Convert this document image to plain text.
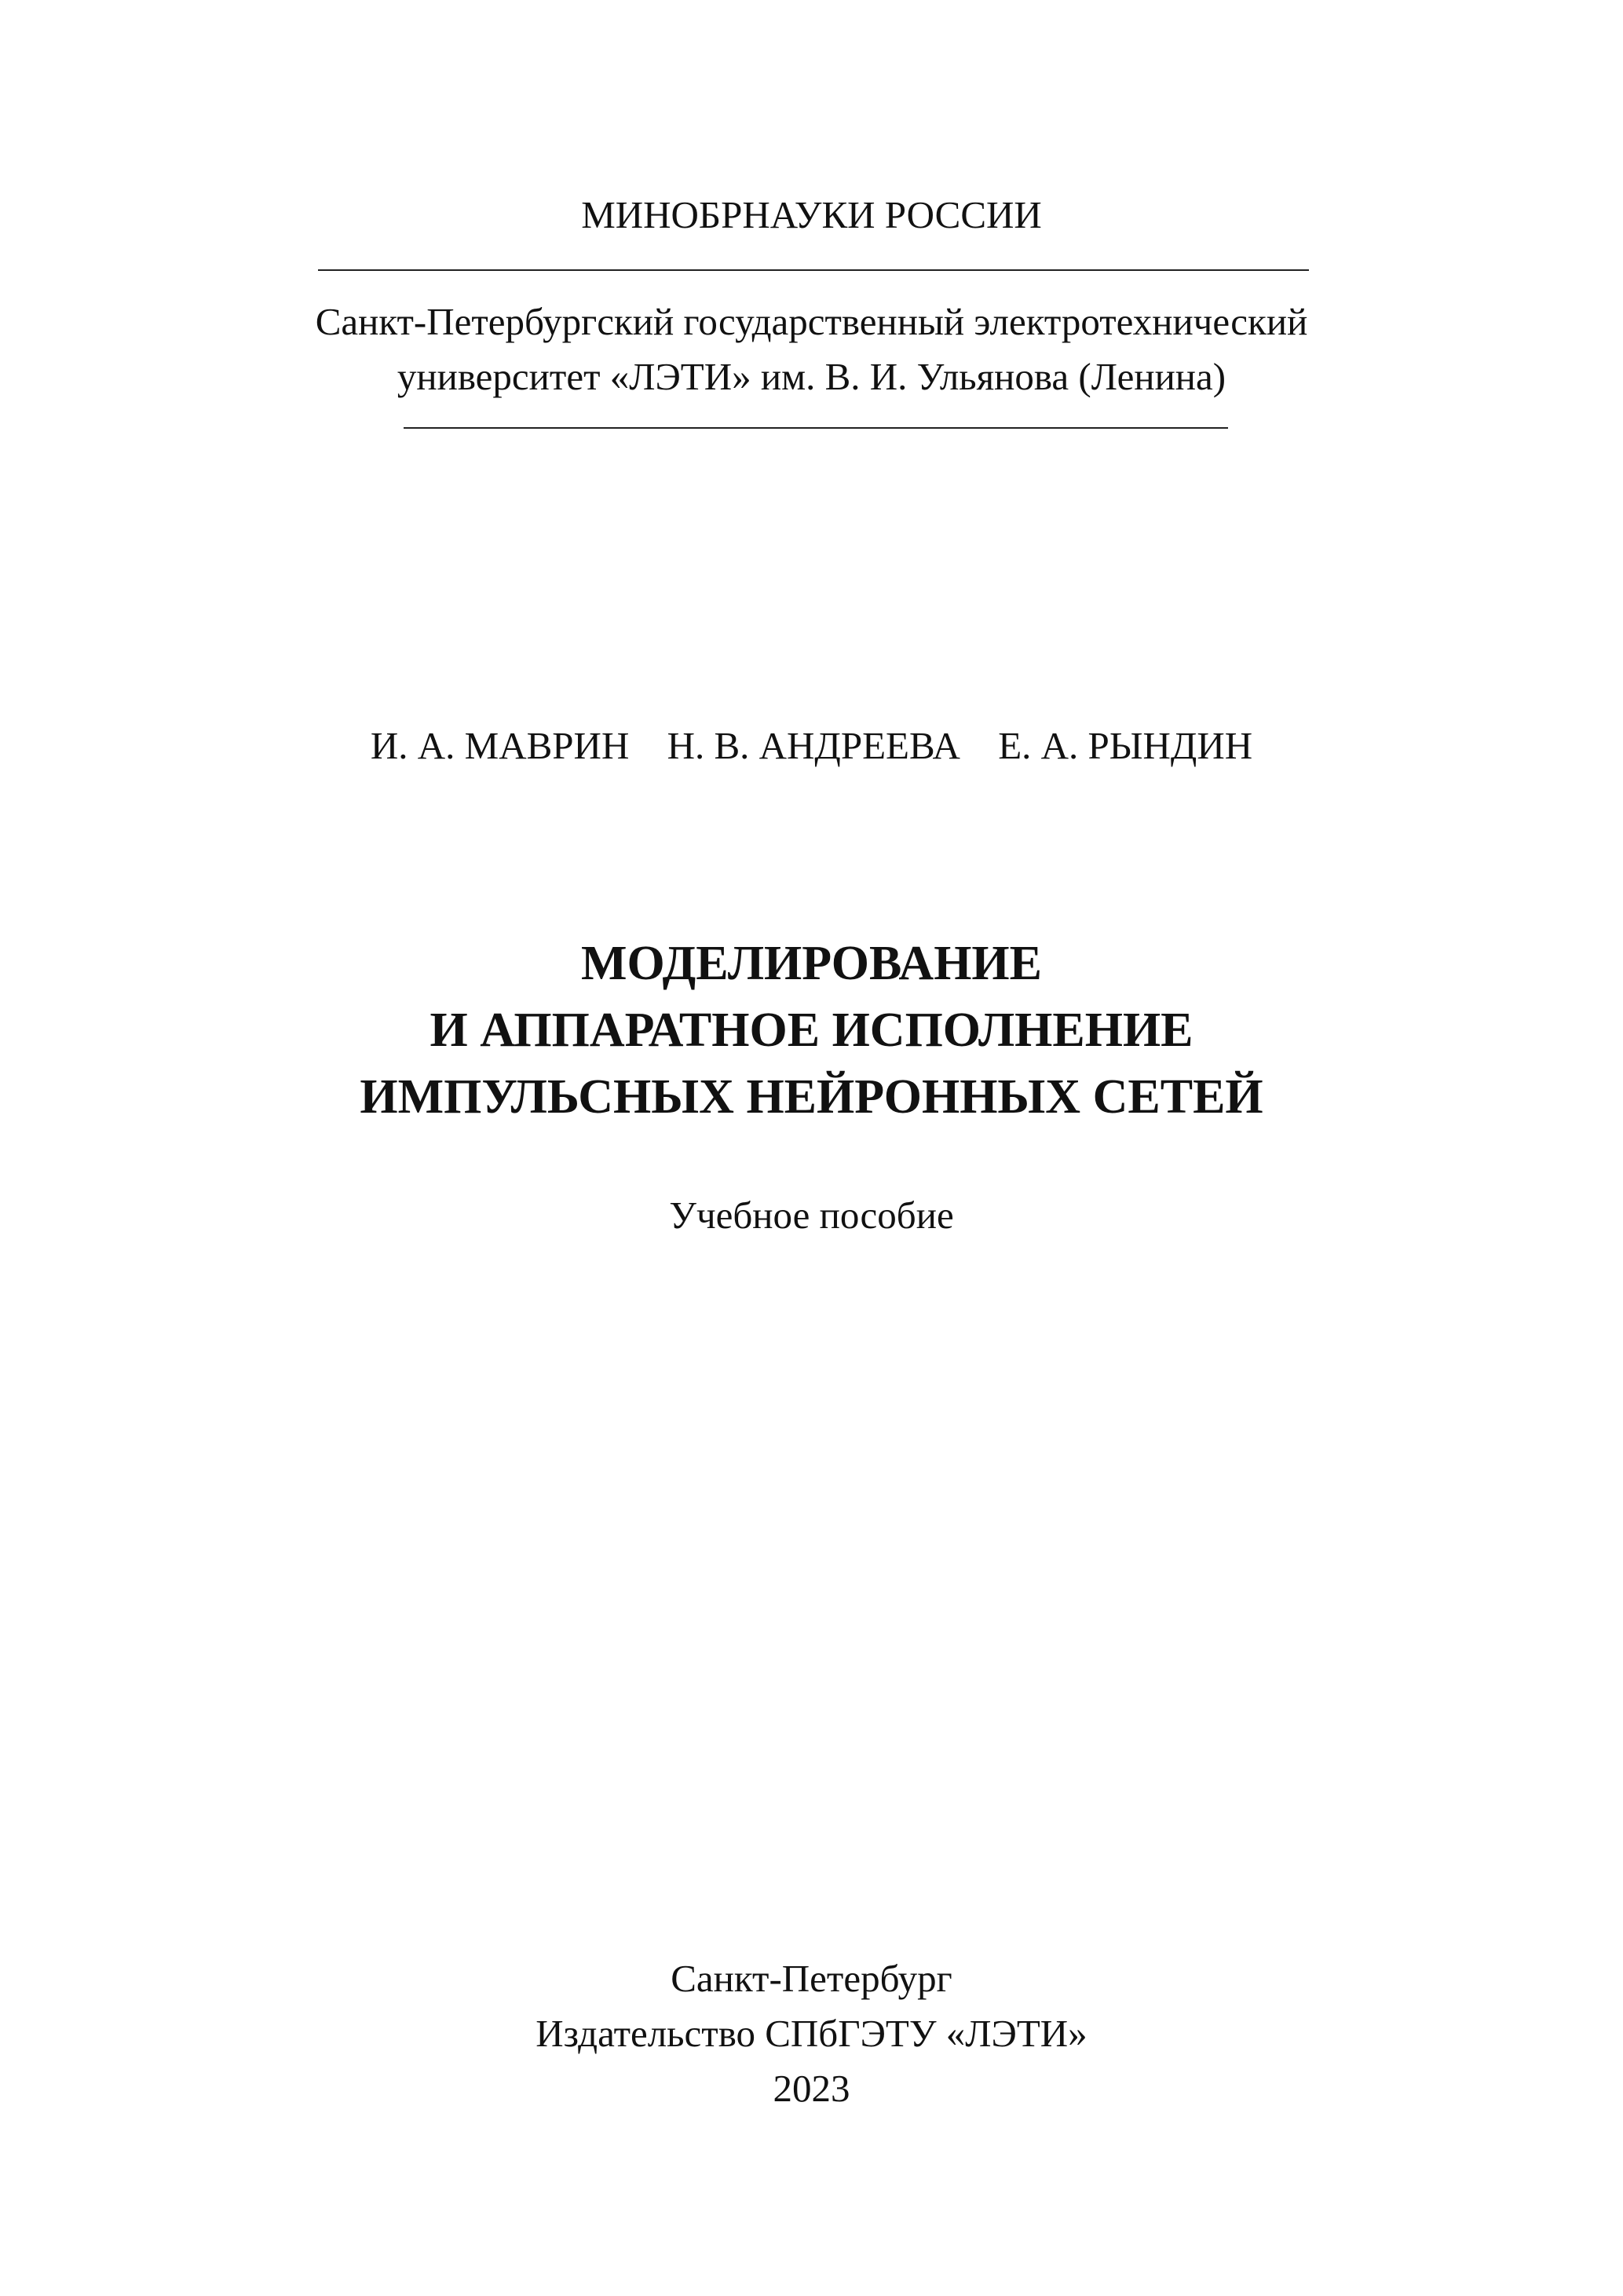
МИНОБРНАУКИ РОССИИ
Санкт-Петербургский государственный электротехнический
университет «ЛЭТИ» им. В. И. Ульянова (Ленина)
И. А. МАВРИН Н. В. АНДРЕЕВА Е. А. РЫНДИН
МОДЕЛИРОВАНИЕ
И АППАРАТНОЕ ИСПОЛНЕНИЕ
ИМПУЛЬСНЫХ НЕЙРОННЫХ СЕТЕЙ
Учебное пособие
Санкт-Петербург
Издательство СПбГЭТУ «ЛЭТИ»
2023
